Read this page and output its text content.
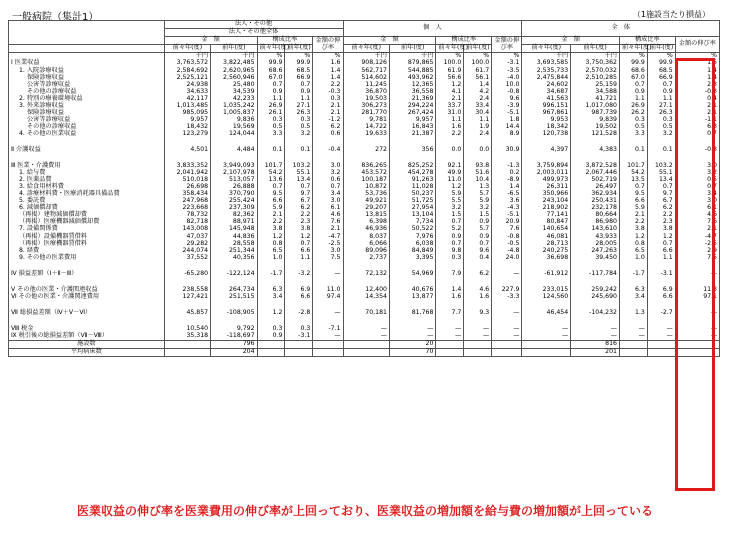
一般病院（集計1）	（1施設当たり損益）
	法人・その他					個　人					全　体				
	法人・その他全体														
	金　額		構成比率		金額の伸び率	金　額		構成比率		金額の伸び率	金　額		構成比率		金額の伸び率
	前々年(度)	前年(度)	前々年(度)	前年(度)		前々年(度)	前年(度)	前々年(度)	前年(度)		前々年(度)	前年(度)	前々年(度)	前年(度)	
	千円	千円	%	%	%	千円	千円	%	%	%	千円	千円	%	%	%
Ⅰ 医業収益	3,763,572	3,822,485	99.9	99.9	1.6	908,126	879,865	100.0	100.0	-3.1	3,693,585	3,750,362	99.9	99.9	1.5
1. 入院診療収益	2,584,692	2,620,965	68.6	68.5	1.4	562,717	544,885	61.9	61.7	-3.5	2,535,733	2,570,032	68.6	68.5	1.4
保険診療収益	2,525,121	2,560,946	67.0	66.9	1.4	514,602	493,962	56.6	56.1	-4.0	2,475,844	2,510,285	67.0	66.9	1.4
公害等診療収益	24,938	25,480	0.7	0.7	2.2	11,245	12,365	1.2	1.4	10.0	24,602	25,159	0.7	0.7	2.3
その他の診療収益	34,633	34,539	0.9	0.9	-0.3	36,870	36,558	4.1	4.2	-0.8	34,687	34,588	0.9	0.9	-0.3
2. 特別の療養環境収益	42,117	42,233	1.1	1.1	0.3	19,503	21,369	2.1	2.4	9.6	41,563	41,721	1.1	1.1	0.4
3. 外来診療収益	1,013,485	1,035,242	26.9	27.1	2.1	306,273	294,224	33.7	33.4	-3.9	996,151	1,017,080	26.9	27.1	2.1
保険診療収益	985,095	1,005,837	26.1	26.3	2.1	281,770	267,424	31.0	30.4	-5.1	967,861	987,739	26.2	26.3	2.1
公害等診療収益	9,957	9,836	0.3	0.3	-1.2	9,781	9,957	1.1	1.1	1.8	9,953	9,839	0.3	0.3	-1.1
その他の診療収益	18,432	19,569	0.5	0.5	6.2	14,722	16,843	1.6	1.9	14.4	18,342	19,502	0.5	0.5	6.3
4. その他の医業収益	123,279	124,044	3.3	3.2	0.6	19,633	21,387	2.2	2.4	8.9	120,738	121,528	3.3	3.2	0.7

Ⅱ 介護収益	4,501	4,484	0.1	0.1	-0.4	272	356	0.0	0.0	30.9	4,397	4,383	0.1	0.1	-0.3

Ⅲ 医業・介護費用	3,833,352	3,949,093	101.7	103.2	3.0	836,265	825,252	92.1	93.8	-1.3	3,759,894	3,872,528	101.7	103.2	3.0
1. 給与費	2,041,942	2,107,978	54.2	55.1	3.2	453,572	454,278	49.9	51.6	0.2	2,003,011	2,067,446	54.2	55.1	3.2
2. 医薬品費	510,018	513,057	13.6	13.4	0.6	100,187	91,263	11.0	10.4	-8.9	499,973	502,719	13.5	13.4	0.5
3. 給食用材料費	26,698	26,888	0.7	0.7	0.7	10,872	11,028	1.2	1.3	1.4	26,311	26,497	0.7	0.7	0.7
4. 診療材料費・医療消耗器具備品費	358,434	370,790	9.5	9.7	3.4	53,736	50,237	5.9	5.7	-6.5	350,966	362,934	9.5	9.7	3.4
5. 委託費	247,968	255,424	6.6	6.7	3.0	49,921	51,725	5.5	5.9	3.6	243,104	250,431	6.6	6.7	3.0
6. 減価償却費	223,668	237,309	5.9	6.2	6.1	29,207	27,954	3.2	3.2	-4.3	218,902	232,178	5.9	6.2	6.1
（再掲）建物減価償却費	78,732	82,362	2.1	2.2	4.6	13,815	13,104	1.5	1.5	-5.1	77,141	80,664	2.1	2.2	4.6
（再掲）医療機器減価償却費	82,718	88,971	2.2	2.3	7.6	6,398	7,734	0.7	0.9	20.9	80,847	86,980	2.2	2.3	7.6
7. 設備関係費	143,008	145,948	3.8	3.8	2.1	46,936	50,522	5.2	5.7	7.6	140,654	143,610	3.8	3.8	2.1
（再掲）設備機器賃借料	47,037	44,836	1.2	1.2	-4.7	8,037	7,976	0.9	0.9	-0.8	46,081	43,933	1.2	1.2	-4.7
（再掲）医療機器賃借料	29,282	28,558	0.8	0.7	-2.5	6,066	6,038	0.7	0.7	-0.5	28,713	28,005	0.8	0.7	-2.5
8. 経費	244,074	251,344	6.5	6.6	3.0	89,096	84,849	9.8	9.6	-4.8	240,275	247,263	6.5	6.6	2.9
9. その他の医業費用	37,552	40,356	1.0	1.1	7.5	2,737	3,395	0.3	0.4	24.0	36,698	39,450	1.0	1.1	7.5

Ⅳ 損益差額（Ⅰ＋Ⅱ－Ⅲ）	-65,280	-122,124	-1.7	-3.2	—	72,132	54,969	7.9	6.2	—	-61,912	-117,784	-1.7	-3.1	—

Ⅴ その他の医業・介護関連収益	238,558	264,734	6.3	6.9	11.0	12,400	40,676	1.4	4.6	227.9	233,015	259,242	6.3	6.9	11.3
Ⅵ その他の医業・介護関連費用	127,421	251,515	3.4	6.6	97.4	14,354	13,877	1.6	1.6	-3.3	124,560	245,690	3.4	6.6	97.1

Ⅶ 総損益差額（Ⅳ＋Ⅴ－Ⅵ）	45,857	-108,905	1.2	-2.8	—	70,181	81,768	7.7	9.3	—	46,454	-104,232	1.3	-2.7	—

Ⅷ 税金	10,540	9,792	0.3	0.3	-7.1	—	—	—	—	—	—	—	—	—	—
Ⅸ 税引後の総損益差額（Ⅶ－Ⅷ）	35,318	-118,697	0.9	-3.1	—	—	—	—	—	—	—	—	—	—	—
施設数		796					20					816			
平均病床数		204					70					201			
医業収益の伸び率を医業費用の伸び率が上回っており、医業収益の増加額を給与費の増加額が上回っている
